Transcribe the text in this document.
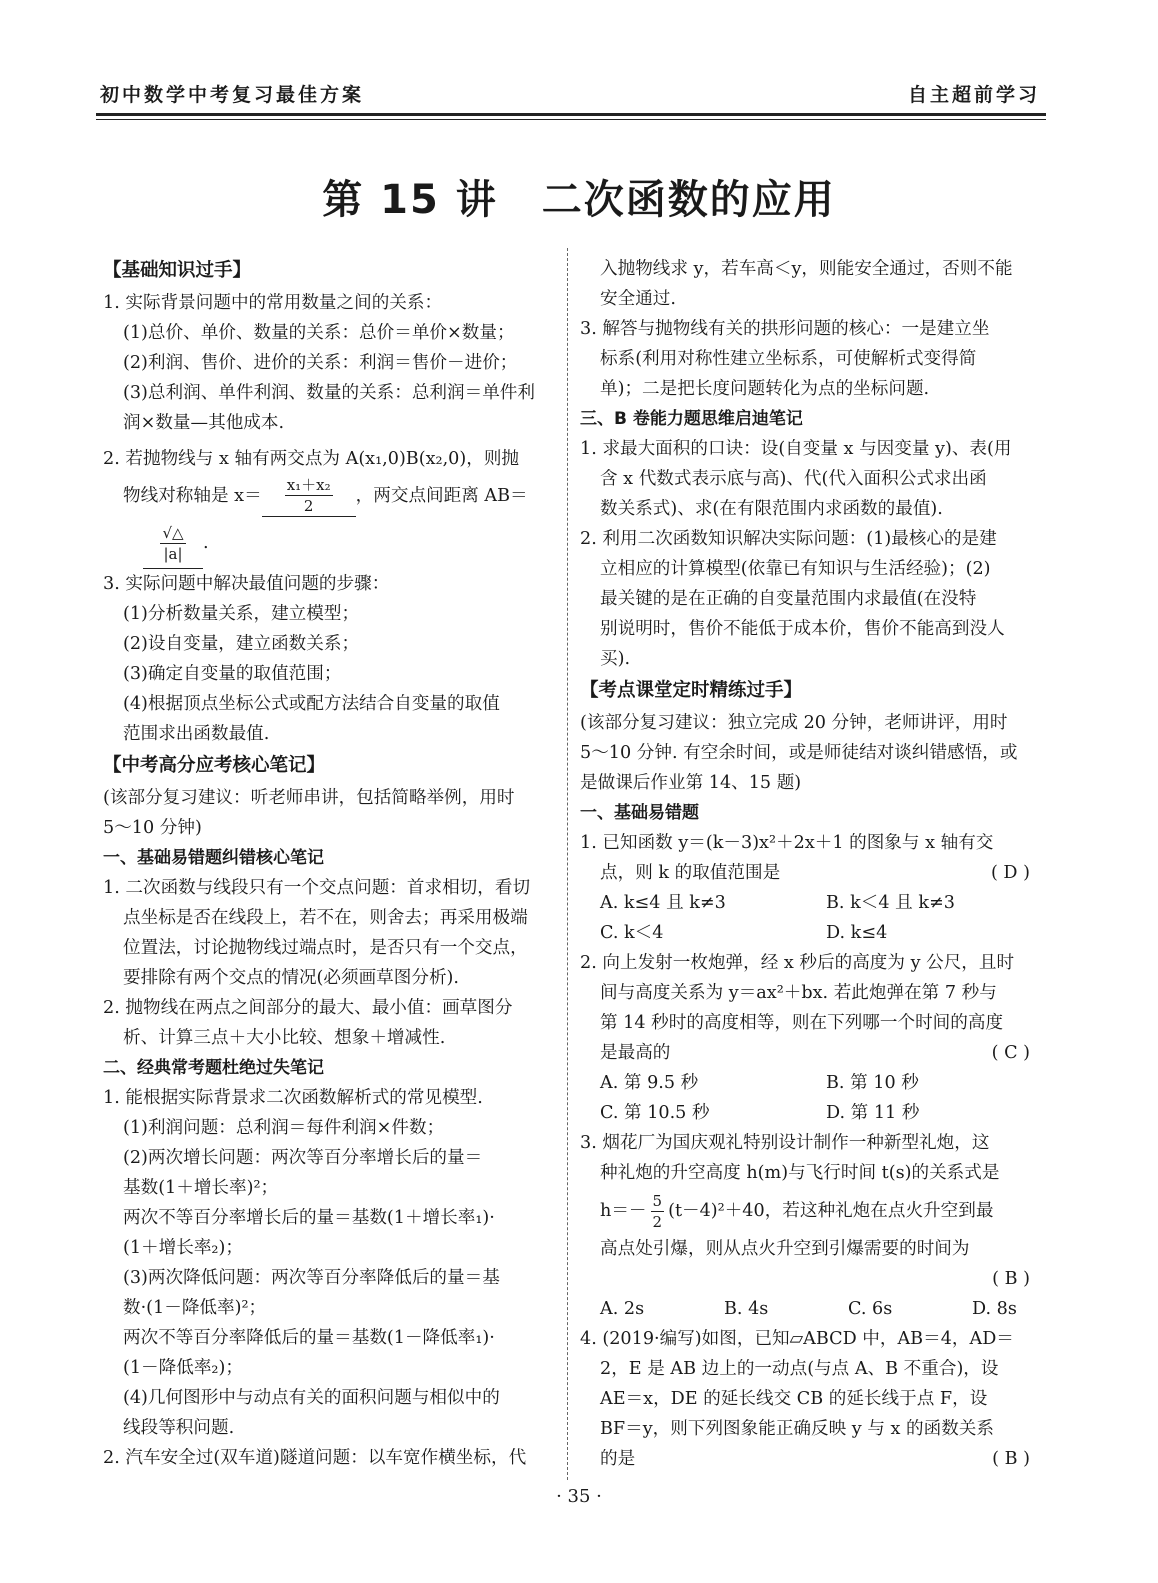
初中数学中考复习最佳方案	自主超前学习
第 15 讲 二次函数的应用

【基础知识过手】

1. 实际背景问题中的常用数量之间的关系：

(1)总价、单价、数量的关系：总价＝单价×数量；

(2)利润、售价、进价的关系：利润＝售价－进价；

(3)总利润、单件利润、数量的关系：总利润＝单件利

润×数量—其他成本.

2. 若抛物线与 x 轴有两交点为 A(x₁,0)B(x₂,0)，则抛

物线对称轴是 $x= \frac{\text{x₁＋x₂}}{2}$ ，两交点间距离 AB＝

$\frac{√\triangle}{|a|}$ .

3. 实际问题中解决最值问题的步骤：

(1)分析数量关系，建立模型；

(2)设自变量，建立函数关系；

(3)确定自变量的取值范围；

(4)根据顶点坐标公式或配方法结合自变量的取值

范围求出函数最值.

【中考高分应考核心笔记】

(该部分复习建议：听老师串讲，包括简略举例，用时

5～10 分钟)

一、基础易错题纠错核心笔记

1. 二次函数与线段只有一个交点问题：首求相切，看切

点坐标是否在线段上，若不在，则舍去；再采用极端

位置法，讨论抛物线过端点时，是否只有一个交点，

要排除有两个交点的情况(必须画草图分析).

2. 抛物线在两点之间部分的最大、最小值：画草图分

析、计算三点＋大小比较、想象＋增减性.

二、经典常考题杜绝过失笔记

1. 能根据实际背景求二次函数解析式的常见模型.

(1)利润问题：总利润＝每件利润×件数；

(2)两次增长问题：两次等百分率增长后的量＝

基数(1＋增长率)²；

两次不等百分率增长后的量＝基数(1＋增长率₁)·

(1＋增长率₂)；

(3)两次降低问题：两次等百分率降低后的量＝基

数·(1－降低率)²；

两次不等百分率降低后的量＝基数(1－降低率₁)·

(1－降低率₂)；

(4)几何图形中与动点有关的面积问题与相似中的

线段等积问题.

2. 汽车安全过(双车道)隧道问题：以车宽作横坐标，代

入抛物线求 y，若车高＜y，则能安全通过，否则不能

安全通过.

3. 解答与抛物线有关的拱形问题的核心：一是建立坐

标系(利用对称性建立坐标系，可使解析式变得简

单)；二是把长度问题转化为点的坐标问题.

三、B 卷能力题思维启迪笔记

1. 求最大面积的口诀：设(自变量 x 与因变量 y)、表(用

含 x 代数式表示底与高)、代(代入面积公式求出函

数关系式)、求(在有限范围内求函数的最值).

2. 利用二次函数知识解决实际问题：(1)最核心的是建

立相应的计算模型(依靠已有知识与生活经验)；(2)

最关键的是在正确的自变量范围内求最值(在没特

别说明时，售价不能低于成本价，售价不能高到没人

买).

【考点课堂定时精练过手】

(该部分复习建议：独立完成 20 分钟，老师讲评，用时

5～10 分钟. 有空余时间，或是师徒结对谈纠错感悟，或

是做课后作业第 14、15 题)

一、基础易错题

1. 已知函数 y＝(k－3)x²＋2x＋1 的图象与 x 轴有交

点，则 k 的取值范围是	( D )

A. k≤4 且 k≠3	B. k＜4 且 k≠3

C. k＜4	D. k≤4

2. 向上发射一枚炮弹，经 x 秒后的高度为 y 公尺，且时

间与高度关系为 y＝ax²＋bx. 若此炮弹在第 7 秒与

第 14 秒时的高度相等，则在下列哪一个时间的高度

是最高的	( C )

A. 第 9.5 秒	B. 第 10 秒

C. 第 10.5 秒	D. 第 11 秒

3. 烟花厂为国庆观礼特别设计制作一种新型礼炮，这

种礼炮的升空高度 h(m)与飞行时间 t(s)的关系式是

$h=- \frac{5}{2} (t-4)^2+40$，若这种礼炮在点火升空到最

高点处引爆，则从点火升空到引爆需要的时间为

( B )

A. 2s	B. 4s	C. 6s	D. 8s

4. (2019·编写)如图，已知▱ABCD 中，AB＝4，AD＝

2，E 是 AB 边上的一动点(与点 A、B 不重合)，设

AE＝x，DE 的延长线交 CB 的延长线于点 F，设

BF＝y，则下列图象能正确反映 y 与 x 的函数关系

的是	( B )

· 35 ·
